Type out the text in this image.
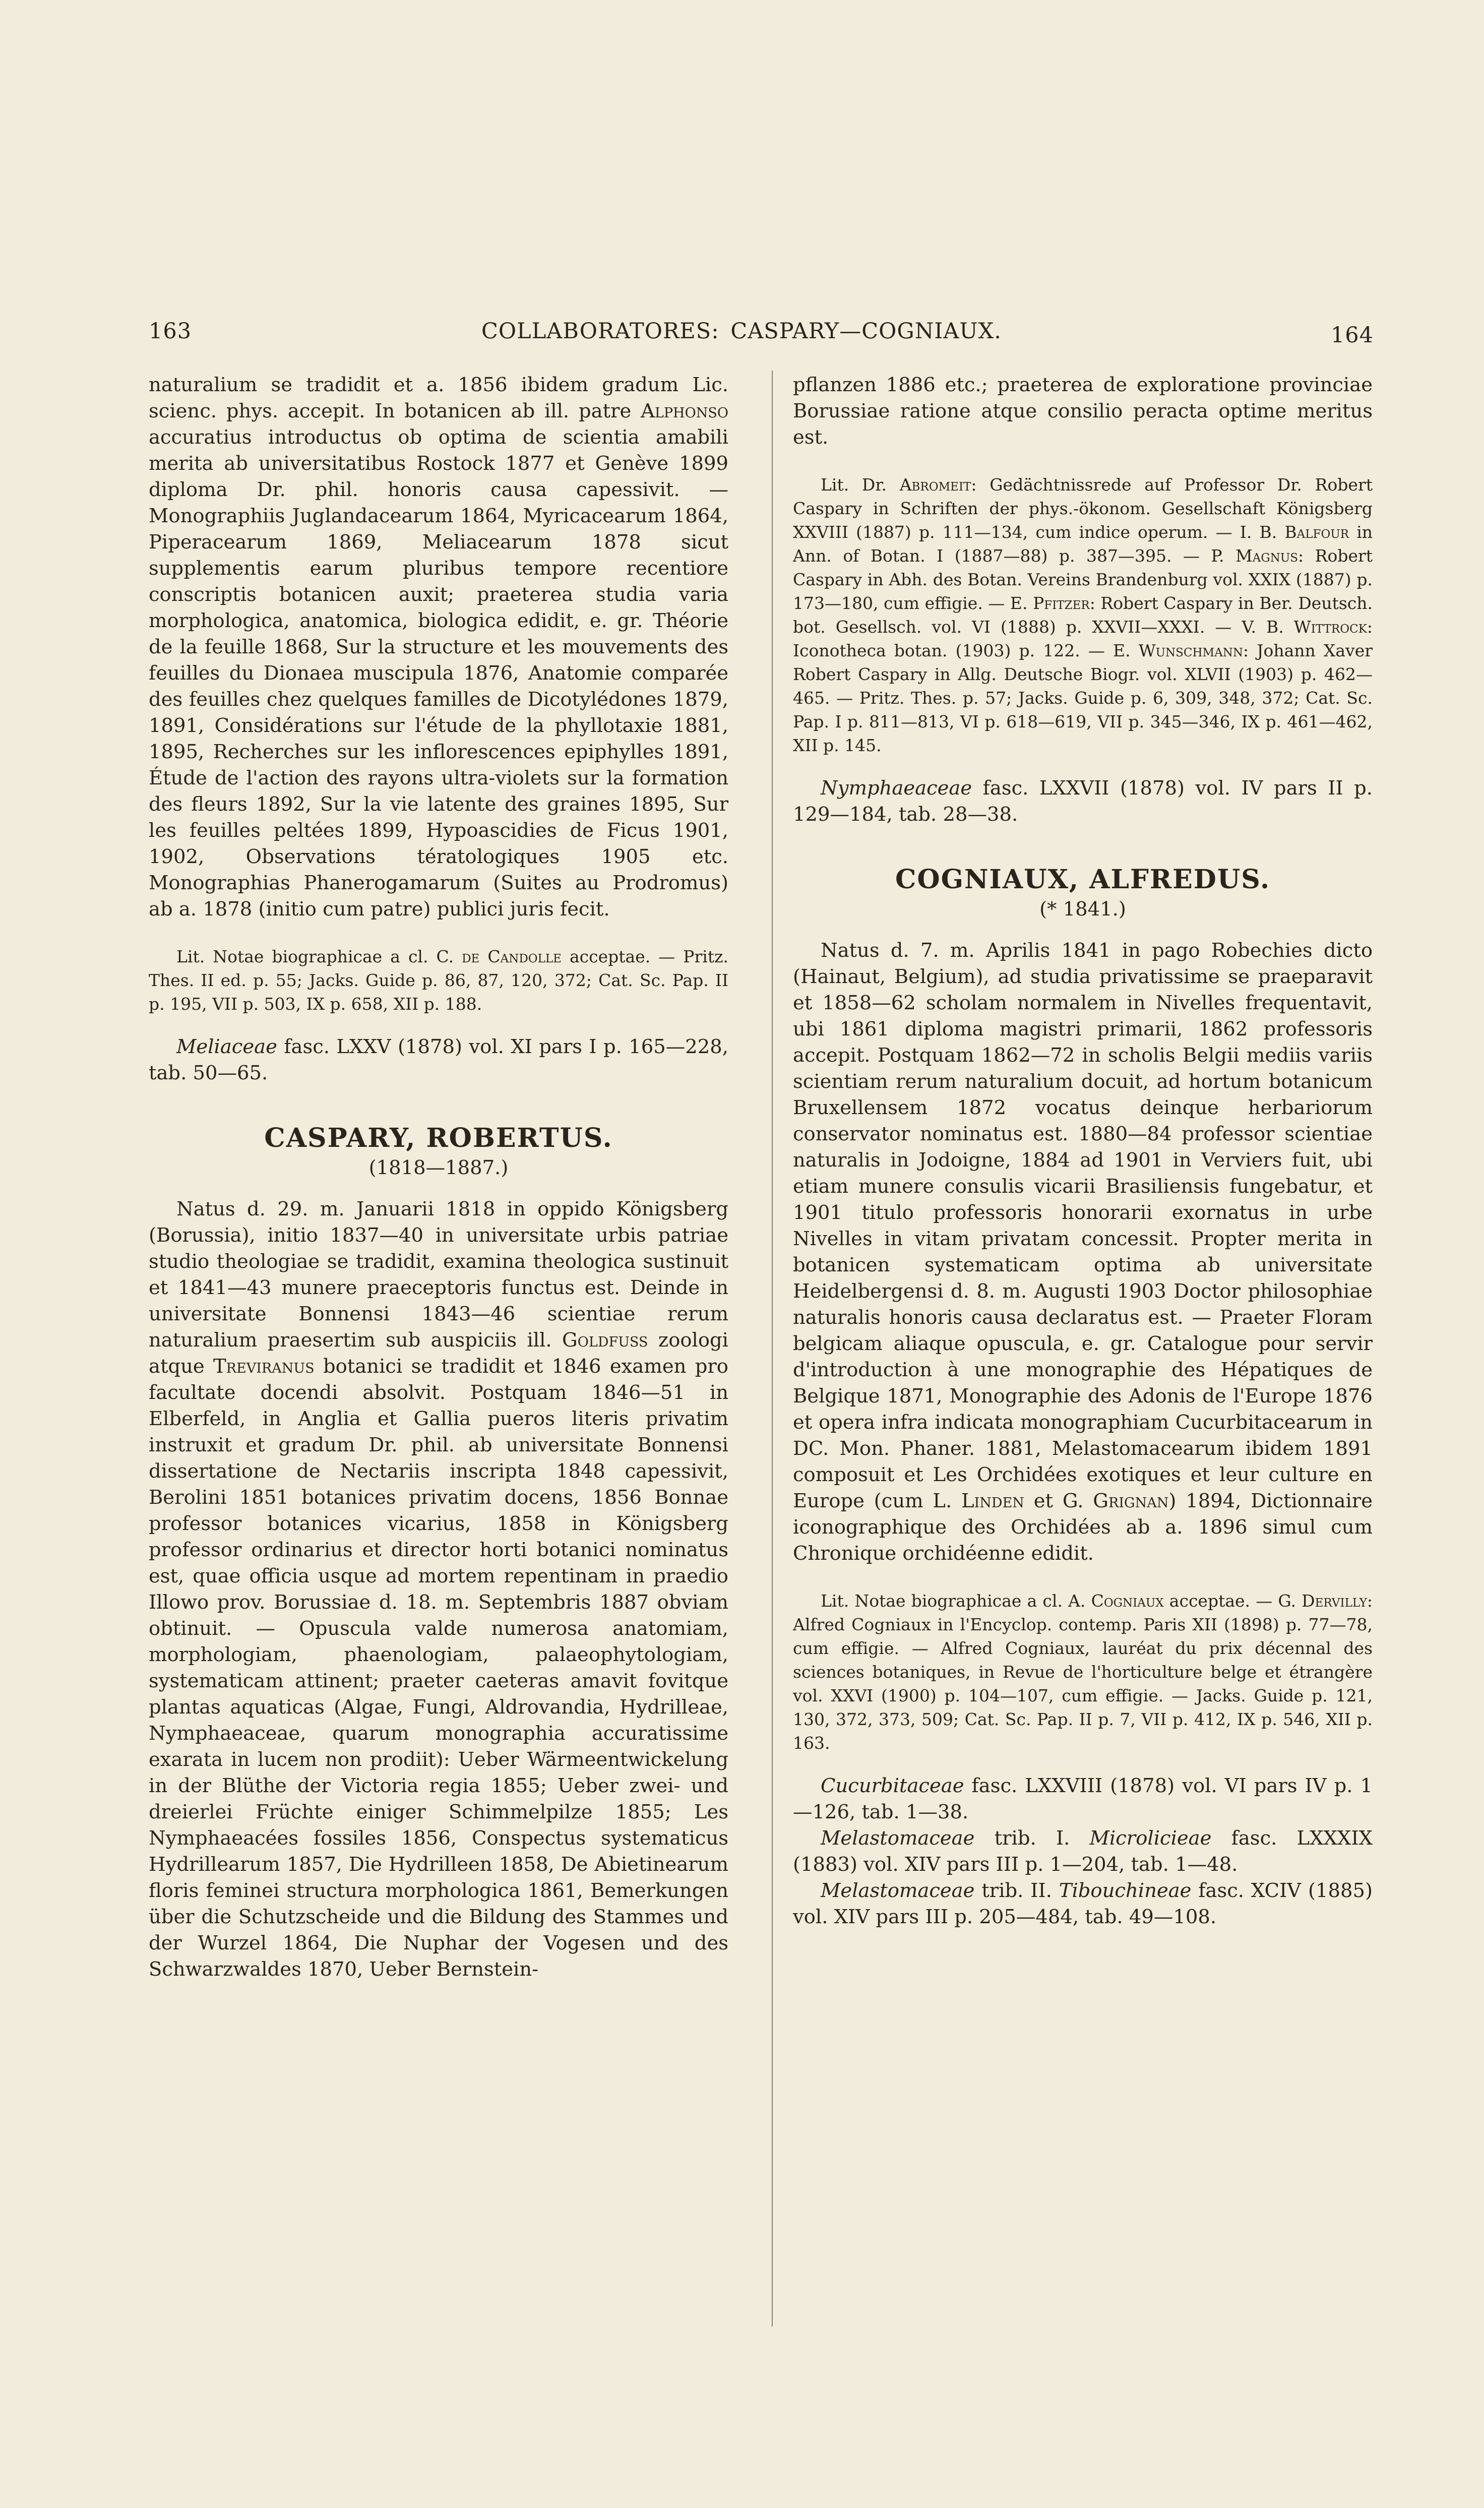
163	COLLABORATORES: CASPARY—COGNIAUX.	164

naturalium se tradidit et a. 1856 ibidem gradum Lic. scienc. phys. accepit. In botanicen ab ill. patre Alphonso accuratius introductus ob optima de scientia amabili merita ab universitatibus Rostock 1877 et Genève 1899 diploma Dr. phil. honoris causa capessivit. — Monographiis Juglandacearum 1864, Myricacearum 1864, Piperacearum 1869, Meliacearum 1878 sicut supplementis earum pluribus tempore recentiore conscriptis botanicen auxit; praeterea studia varia morphologica, anatomica, biologica edidit, e. gr. Théorie de la feuille 1868, Sur la structure et les mouvements des feuilles du Dionaea muscipula 1876, Anatomie comparée des feuilles chez quelques familles de Dicotylédones 1879, 1891, Considérations sur l'étude de la phyllotaxie 1881, 1895, Recherches sur les inflorescences epiphylles 1891, Étude de l'action des rayons ultra-violets sur la formation des fleurs 1892, Sur la vie latente des graines 1895, Sur les feuilles peltées 1899, Hypoascidies de Ficus 1901, 1902, Observations tératologiques 1905 etc. Monographias Phanerogamarum (Suites au Prodromus) ab a. 1878 (initio cum patre) publici juris fecit.

Lit. Notae biographicae a cl. C. de Candolle acceptae. — Pritz. Thes. II ed. p. 55; Jacks. Guide p. 86, 87, 120, 372; Cat. Sc. Pap. II p. 195, VII p. 503, IX p. 658, XII p. 188.

Meliaceae fasc. LXXV (1878) vol. XI pars I p. 165—228, tab. 50—65.

CASPARY, ROBERTUS.
(1818—1887.)

Natus d. 29. m. Januarii 1818 in oppido Königsberg (Borussia), initio 1837—40 in universitate urbis patriae studio theologiae se tradidit, examina theologica sustinuit et 1841—43 munere praeceptoris functus est. Deinde in universitate Bonnensi 1843—46 scientiae rerum naturalium praesertim sub auspiciis ill. Goldfuss zoologi atque Treviranus botanici se tradidit et 1846 examen pro facultate docendi absolvit. Postquam 1846—51 in Elberfeld, in Anglia et Gallia pueros literis privatim instruxit et gradum Dr. phil. ab universitate Bonnensi dissertatione de Nectariis inscripta 1848 capessivit, Berolini 1851 botanices privatim docens, 1856 Bonnae professor botanices vicarius, 1858 in Königsberg professor ordinarius et director horti botanici nominatus est, quae officia usque ad mortem repentinam in praedio Illowo prov. Borussiae d. 18. m. Septembris 1887 obviam obtinuit. — Opuscula valde numerosa anatomiam, morphologiam, phaenologiam, palaeophytologiam, systematicam attinent; praeter caeteras amavit fovitque plantas aquaticas (Algae, Fungi, Aldrovandia, Hydrilleae, Nymphaeaceae, quarum monographia accuratissime exarata in lucem non prodiit): Ueber Wärmeentwickelung in der Blüthe der Victoria regia 1855; Ueber zwei- und dreierlei Früchte einiger Schimmelpilze 1855; Les Nymphaeacées fossiles 1856, Conspectus systematicus Hydrillearum 1857, Die Hydrilleen 1858, De Abietinearum floris feminei structura morphologica 1861, Bemerkungen über die Schutzscheide und die Bildung des Stammes und der Wurzel 1864, Die Nuphar der Vogesen und des Schwarzwaldes 1870, Ueber Bernstein-

pflanzen 1886 etc.; praeterea de exploratione provinciae Borussiae ratione atque consilio peracta optime meritus est.

Lit. Dr. Abromeit: Gedächtnissrede auf Professor Dr. Robert Caspary in Schriften der phys.-ökonom. Gesellschaft Königsberg XXVIII (1887) p. 111—134, cum indice operum. — I. B. Balfour in Ann. of Botan. I (1887—88) p. 387—395. — P. Magnus: Robert Caspary in Abh. des Botan. Vereins Brandenburg vol. XXIX (1887) p. 173—180, cum effigie. — E. Pfitzer: Robert Caspary in Ber. Deutsch. bot. Gesellsch. vol. VI (1888) p. XXVII—XXXI. — V. B. Wittrock: Iconotheca botan. (1903) p. 122. — E. Wunschmann: Johann Xaver Robert Caspary in Allg. Deutsche Biogr. vol. XLVII (1903) p. 462—465. — Pritz. Thes. p. 57; Jacks. Guide p. 6, 309, 348, 372; Cat. Sc. Pap. I p. 811—813, VI p. 618—619, VII p. 345—346, IX p. 461—462, XII p. 145.

Nymphaeaceae fasc. LXXVII (1878) vol. IV pars II p. 129—184, tab. 28—38.

COGNIAUX, ALFREDUS.
(* 1841.)

Natus d. 7. m. Aprilis 1841 in pago Robechies dicto (Hainaut, Belgium), ad studia privatissime se praeparavit et 1858—62 scholam normalem in Nivelles frequentavit, ubi 1861 diploma magistri primarii, 1862 professoris accepit. Postquam 1862—72 in scholis Belgii mediis variis scientiam rerum naturalium docuit, ad hortum botanicum Bruxellensem 1872 vocatus deinque herbariorum conservator nominatus est. 1880—84 professor scientiae naturalis in Jodoigne, 1884 ad 1901 in Verviers fuit, ubi etiam munere consulis vicarii Brasiliensis fungebatur, et 1901 titulo professoris honorarii exornatus in urbe Nivelles in vitam privatam concessit. Propter merita in botanicen systematicam optima ab universitate Heidelbergensi d. 8. m. Augusti 1903 Doctor philosophiae naturalis honoris causa declaratus est. — Praeter Floram belgicam aliaque opuscula, e. gr. Catalogue pour servir d'introduction à une monographie des Hépatiques de Belgique 1871, Monographie des Adonis de l'Europe 1876 et opera infra indicata monographiam Cucurbitacearum in DC. Mon. Phaner. 1881, Melastomacearum ibidem 1891 composuit et Les Orchidées exotiques et leur culture en Europe (cum L. Linden et G. Grignan) 1894, Dictionnaire iconographique des Orchidées ab a. 1896 simul cum Chronique orchidéenne edidit.

Lit. Notae biographicae a cl. A. Cogniaux acceptae. — G. Dervilly: Alfred Cogniaux in l'Encyclop. contemp. Paris XII (1898) p. 77—78, cum effigie. — Alfred Cogniaux, lauréat du prix décennal des sciences botaniques, in Revue de l'horticulture belge et étrangère vol. XXVI (1900) p. 104—107, cum effigie. — Jacks. Guide p. 121, 130, 372, 373, 509; Cat. Sc. Pap. II p. 7, VII p. 412, IX p. 546, XII p. 163.

Cucurbitaceae fasc. LXXVIII (1878) vol. VI pars IV p. 1—126, tab. 1—38.

Melastomaceae trib. I. Microlicieae fasc. LXXXIX (1883) vol. XIV pars III p. 1—204, tab. 1—48.

Melastomaceae trib. II. Tibouchineae fasc. XCIV (1885) vol. XIV pars III p. 205—484, tab. 49—108.
